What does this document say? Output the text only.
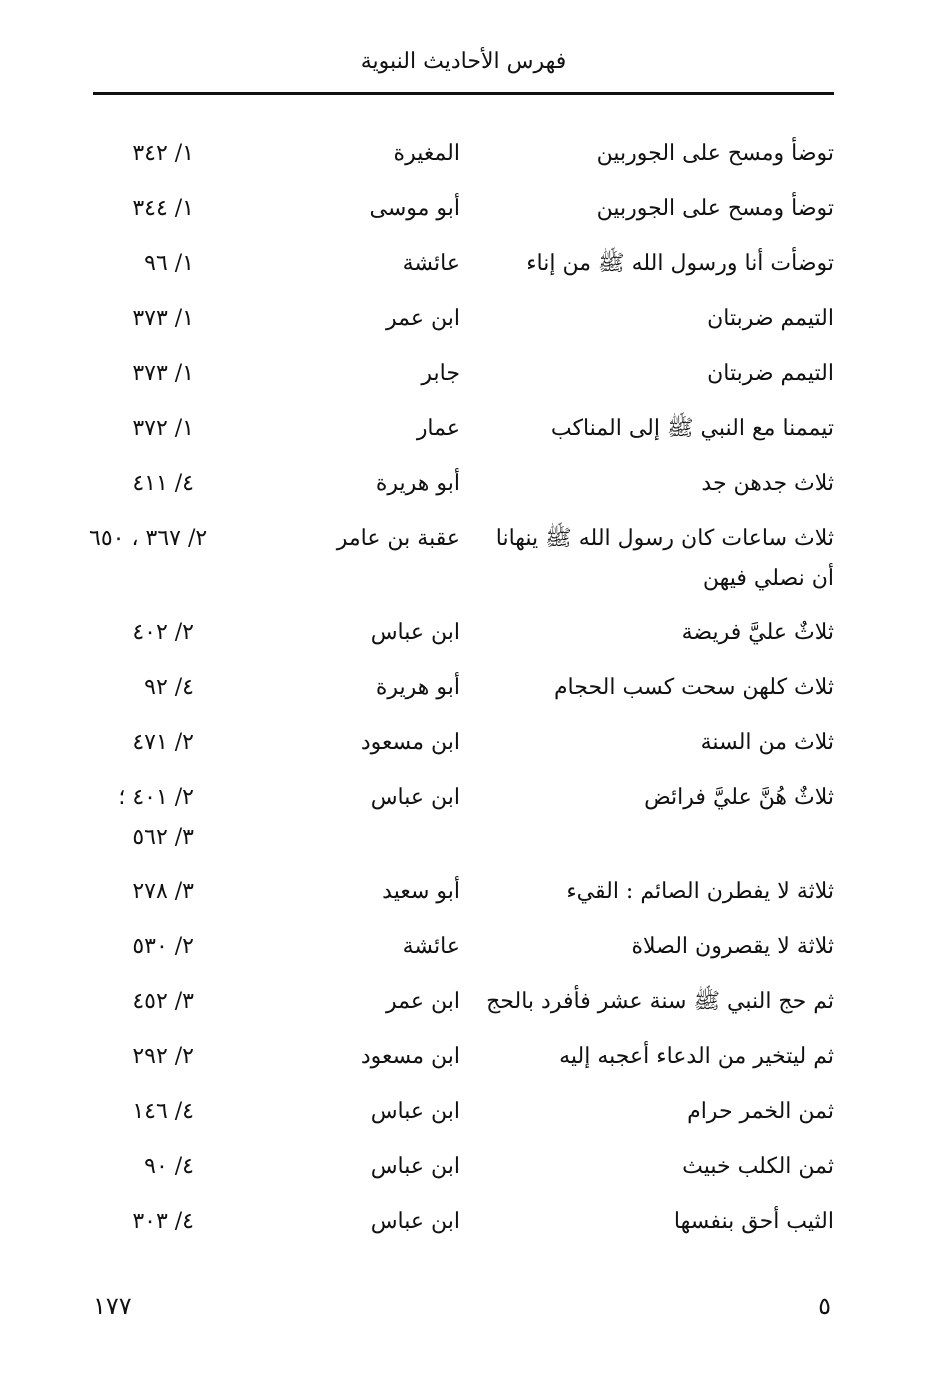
فهرس الأحاديث النبوية
توضأ ومسح على الجوربين
المغيرة
١/ ٣٤٢
توضأ ومسح على الجوربين
أبو موسى
١/ ٣٤٤
توضأت أنا ورسول الله ﷺ من إناء
عائشة
١/ ٩٦
التيمم ضربتان
ابن عمر
١/ ٣٧٣
التيمم ضربتان
جابر
١/ ٣٧٣
تيممنا مع النبي ﷺ إلى المناكب
عمار
١/ ٣٧٢
ثلاث جدهن جد
أبو هريرة
٤/ ٤١١
ثلاث ساعات كان رسول الله ﷺ ينهانا أن نصلي فيهن
عقبة بن عامر
٢/ ٣٦٧ ، ٦٥٠
ثلاثٌ عليَّ فريضة
ابن عباس
٢/ ٤٠٢
ثلاث كلهن سحت كسب الحجام
أبو هريرة
٤/ ٩٢
ثلاث من السنة
ابن مسعود
٢/ ٤٧١
ثلاثٌ هُنَّ عليَّ فرائض
ابن عباس
٢/ ٤٠١ ؛
٣/ ٥٦٢
ثلاثة لا يفطرن الصائم : القيء
أبو سعيد
٣/ ٢٧٨
ثلاثة لا يقصرون الصلاة
عائشة
٢/ ٥٣٠
ثم حج النبي ﷺ سنة عشر فأفرد بالحج
ابن عمر
٣/ ٤٥٢
ثم ليتخير من الدعاء أعجبه إليه
ابن مسعود
٢/ ٢٩٢
ثمن الخمر حرام
ابن عباس
٤/ ١٤٦
ثمن الكلب خبيث
ابن عباس
٤/ ٩٠
الثيب أحق بنفسها
ابن عباس
٤/ ٣٠٣
١٧٧	٥
